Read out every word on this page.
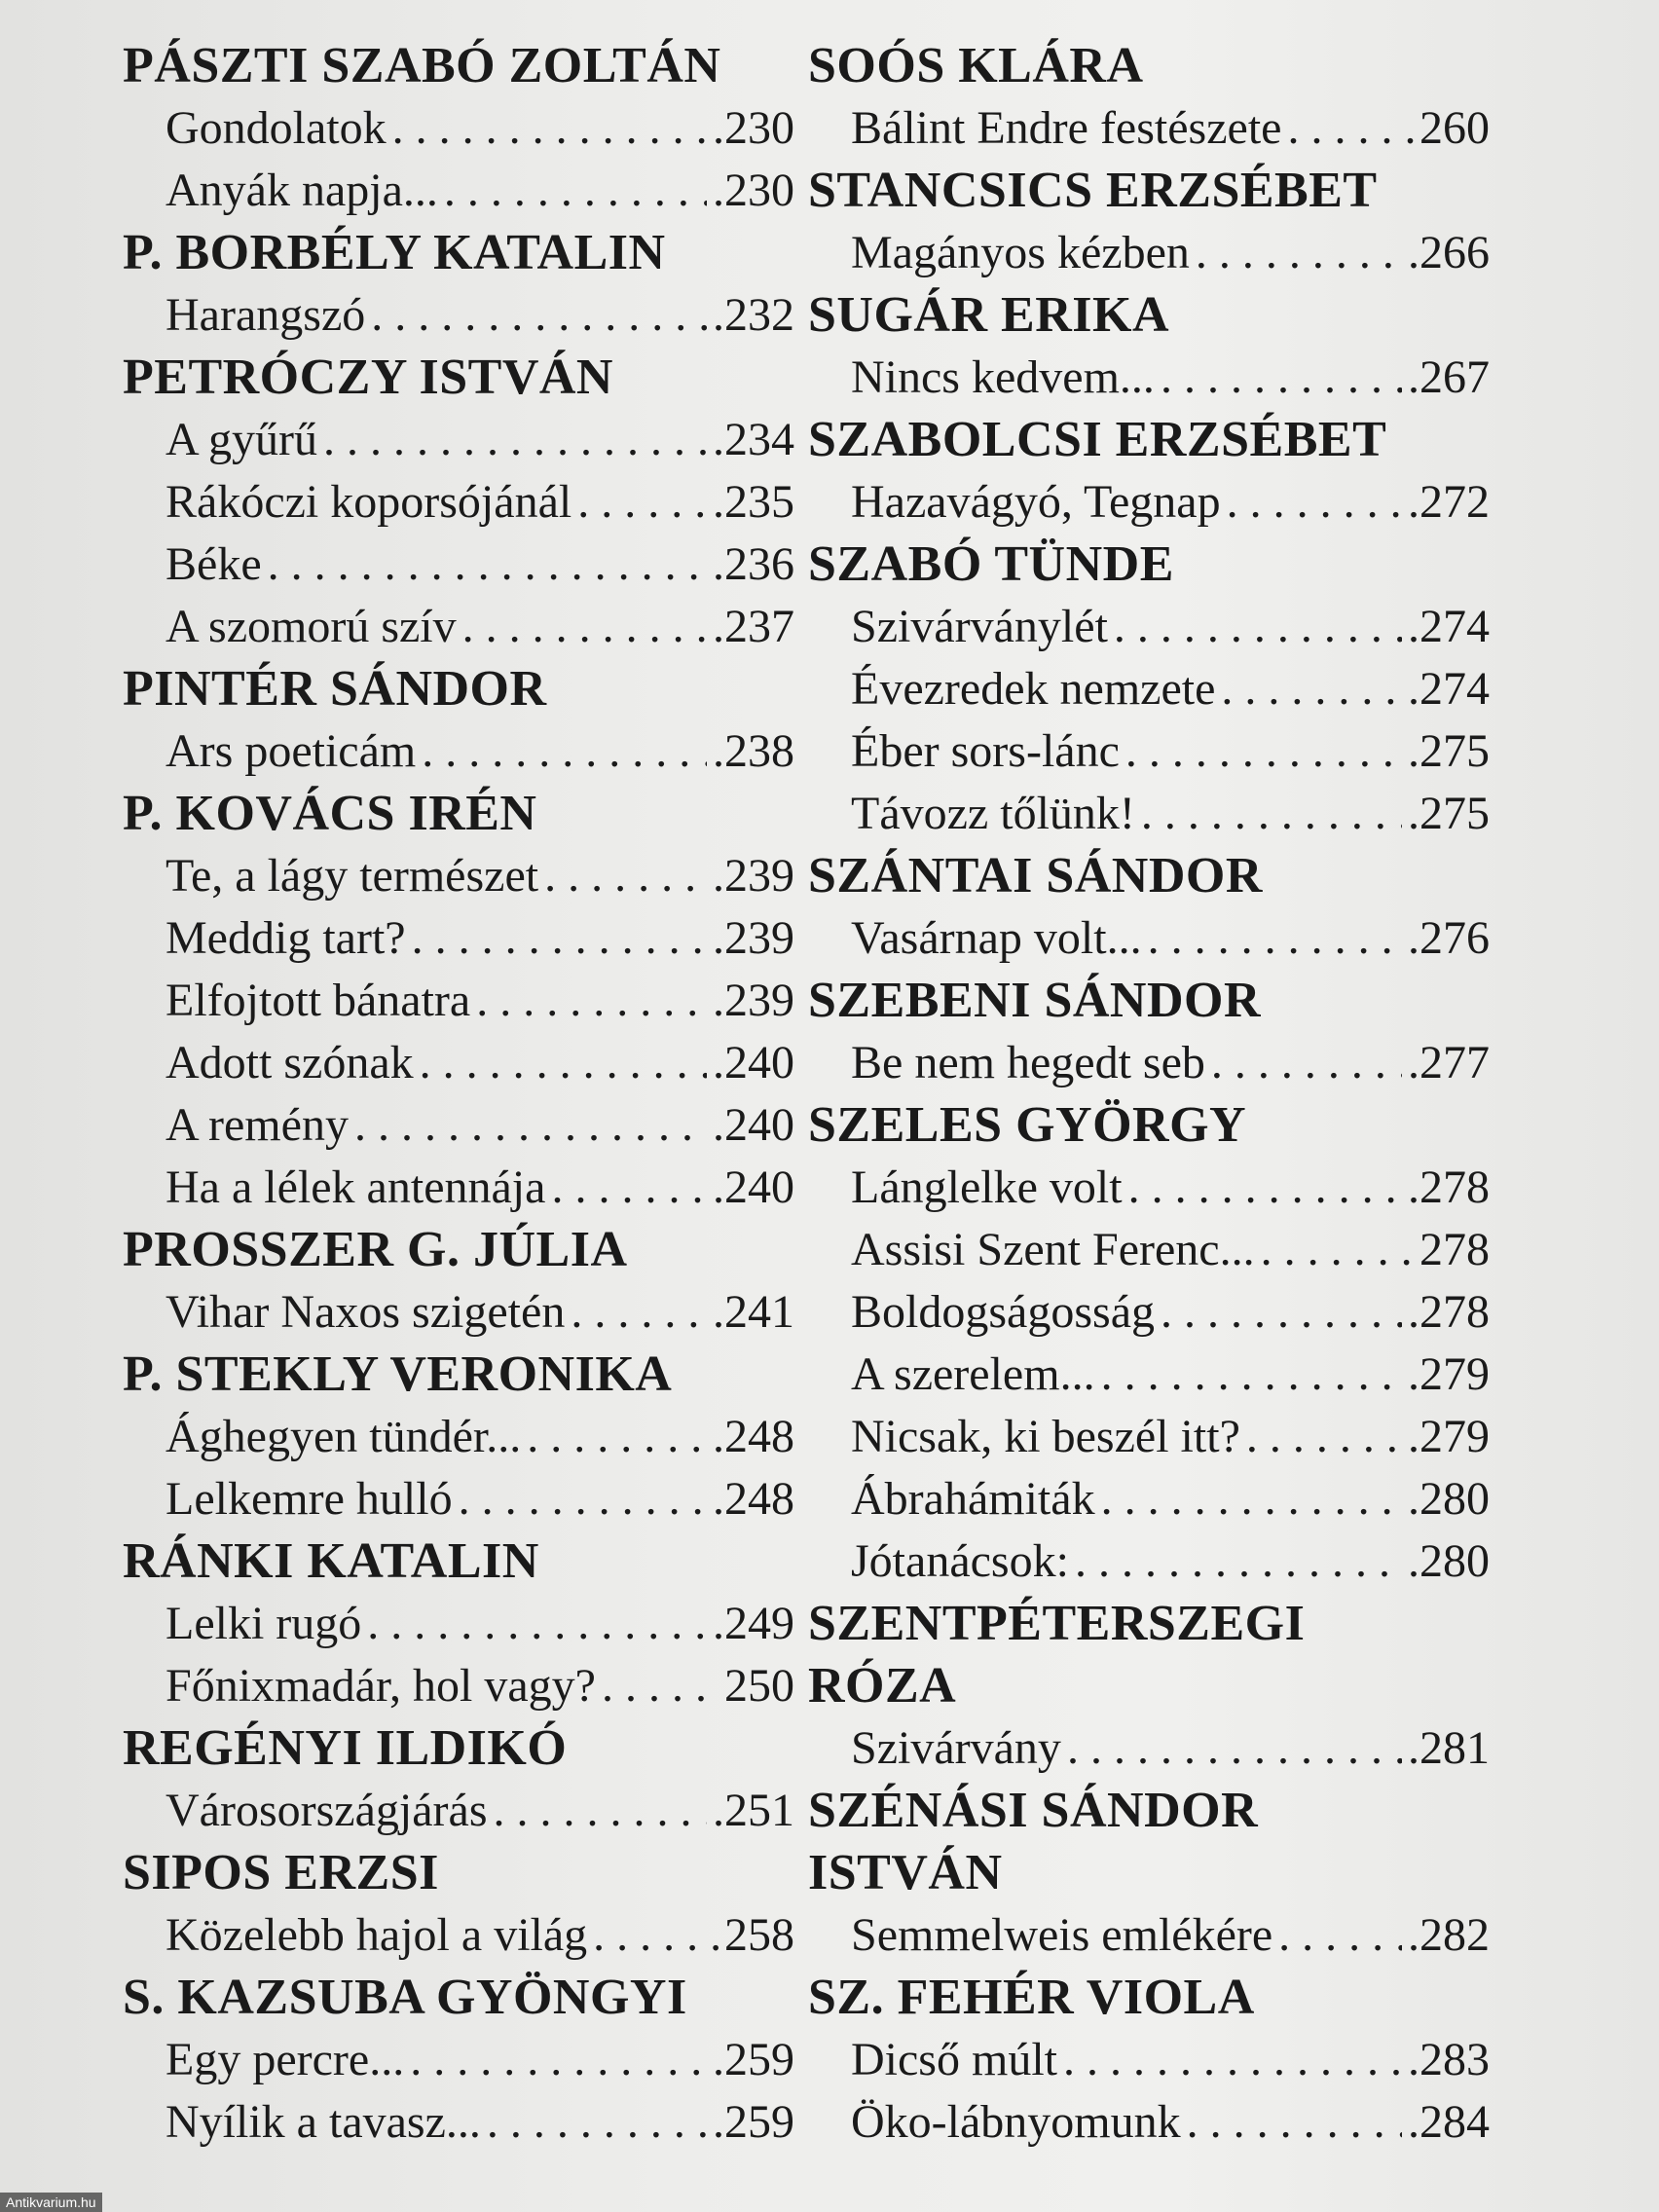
PÁSZTI SZABÓ ZOLTÁN
Gondolatok . . .	.230
Anyák napja... . . .	.230
P. BORBÉLY KATALIN
Harangszó . . .	.232
PETRÓCZY ISTVÁN
A gyűrű . . .	.234
Rákóczi koporsójánál . . .	.235
Béke . . .	.236
A szomorú szív . . .	.237
PINTÉR SÁNDOR
Ars poeticám . . .	.238
P. KOVÁCS IRÉN
Te, a lágy természet . . .	.239
Meddig tart? . . .	.239
Elfojtott bánatra . . .	.239
Adott szónak . . .	.240
A remény . . .	.240
Ha a lélek antennája . . .	.240
PROSSZER G. JÚLIA
Vihar Naxos szigetén . . .	.241
P. STEKLY VERONIKA
Ághegyen tündér... . . .	.248
Lelkemre hulló . . .	.248
RÁNKI KATALIN
Lelki rugó . . .	.249
Főnixmadár, hol vagy? . . .	250
REGÉNYI ILDIKÓ
Városországjárás . . .	.251
SIPOS ERZSI
Közelebb hajol a világ . . .	258
S. KAZSUBA GYÖNGYI
Egy percre... . . .	.259
Nyílik a tavasz... . . .	.259
SOÓS KLÁRA
Bálint Endre festészete . . .	260
STANCSICS ERZSÉBET
Magányos kézben . . .	.266
SUGÁR ERIKA
Nincs kedvem... . . .	.267
SZABOLCSI ERZSÉBET
Hazavágyó, Tegnap . . .	.272
SZABÓ TÜNDE
Szivárványlét . . .	.274
Évezredek nemzete . . .	.274
Éber sors-lánc . . .	.275
Távozz tőlünk! . . .	.275
SZÁNTAI SÁNDOR
Vasárnap volt... . . .	.276
SZEBENI SÁNDOR
Be nem hegedt seb . . .	.277
SZELES GYÖRGY
Lánglelke volt . . .	.278
Assisi Szent Ferenc... . . .	278
Boldogságosság . . .	.278
A szerelem... . . .	.279
Nicsak, ki beszél itt? . . .	.279
Ábrahámiták . . .	.280
Jótanácsok: . . .	.280
SZENTPÉTERSZEGI
RÓZA
Szivárvány . . .	.281
SZÉNÁSI SÁNDOR
ISTVÁN
Semmelweis emlékére . . .	.282
SZ. FEHÉR VIOLA
Dicső múlt . . .	.283
Öko-lábnyomunk . . .	.284
Antikvarium.hu
